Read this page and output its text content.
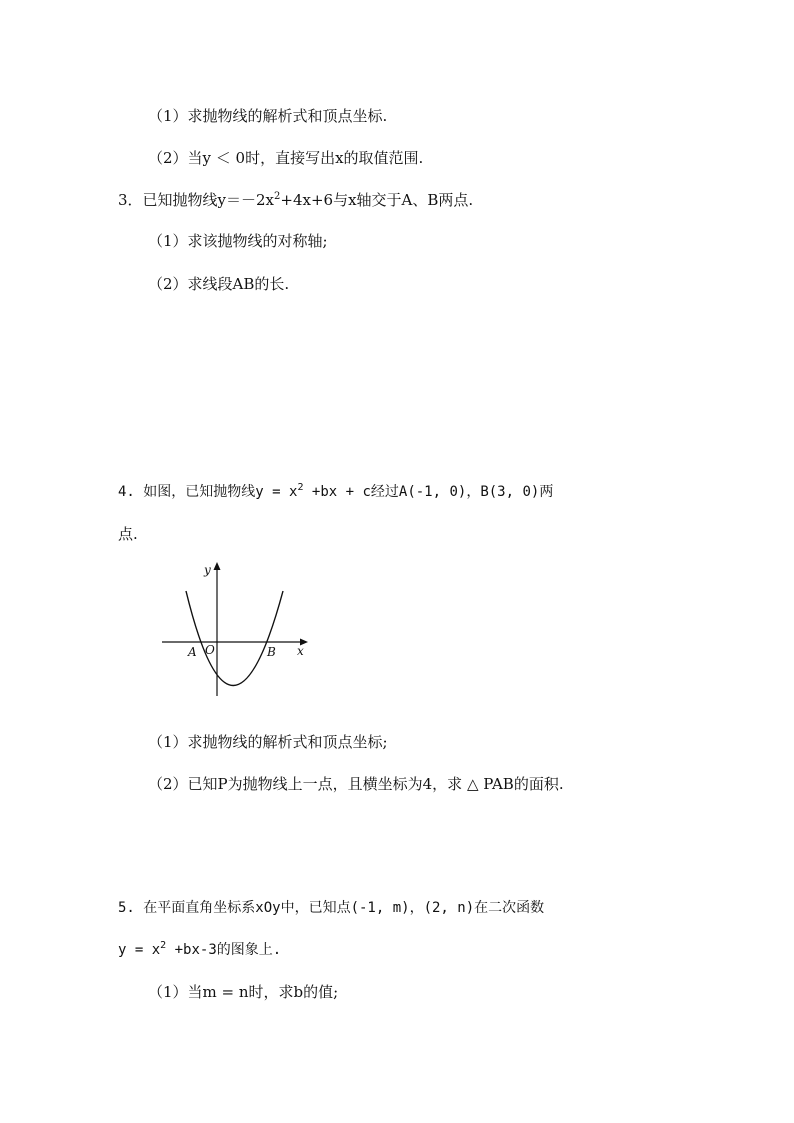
（1）求抛物线的解析式和顶点坐标.
（2）当y ＜ 0时，直接写出x的取值范围.
3．已知抛物线$y=-2x^2+4x+6$与x轴交于A、B两点.
（1）求该抛物线的对称轴;
（2）求线段AB的长.
4. 如图，已知抛物线$y = x^2 +bx + c$经过A(-1, 0)，B(3, 0)两
点.
y
x
O
A	B
（1）求抛物线的解析式和顶点坐标;
（2）已知P为抛物线上一点，且横坐标为4，求 △ PAB的面积.
5. 在平面直角坐标系xOy中，已知点(-1, m)，(2, n)在二次函数
$y = x^2 +bx-3$的图象上.
（1）当m = n时，求b的值;
